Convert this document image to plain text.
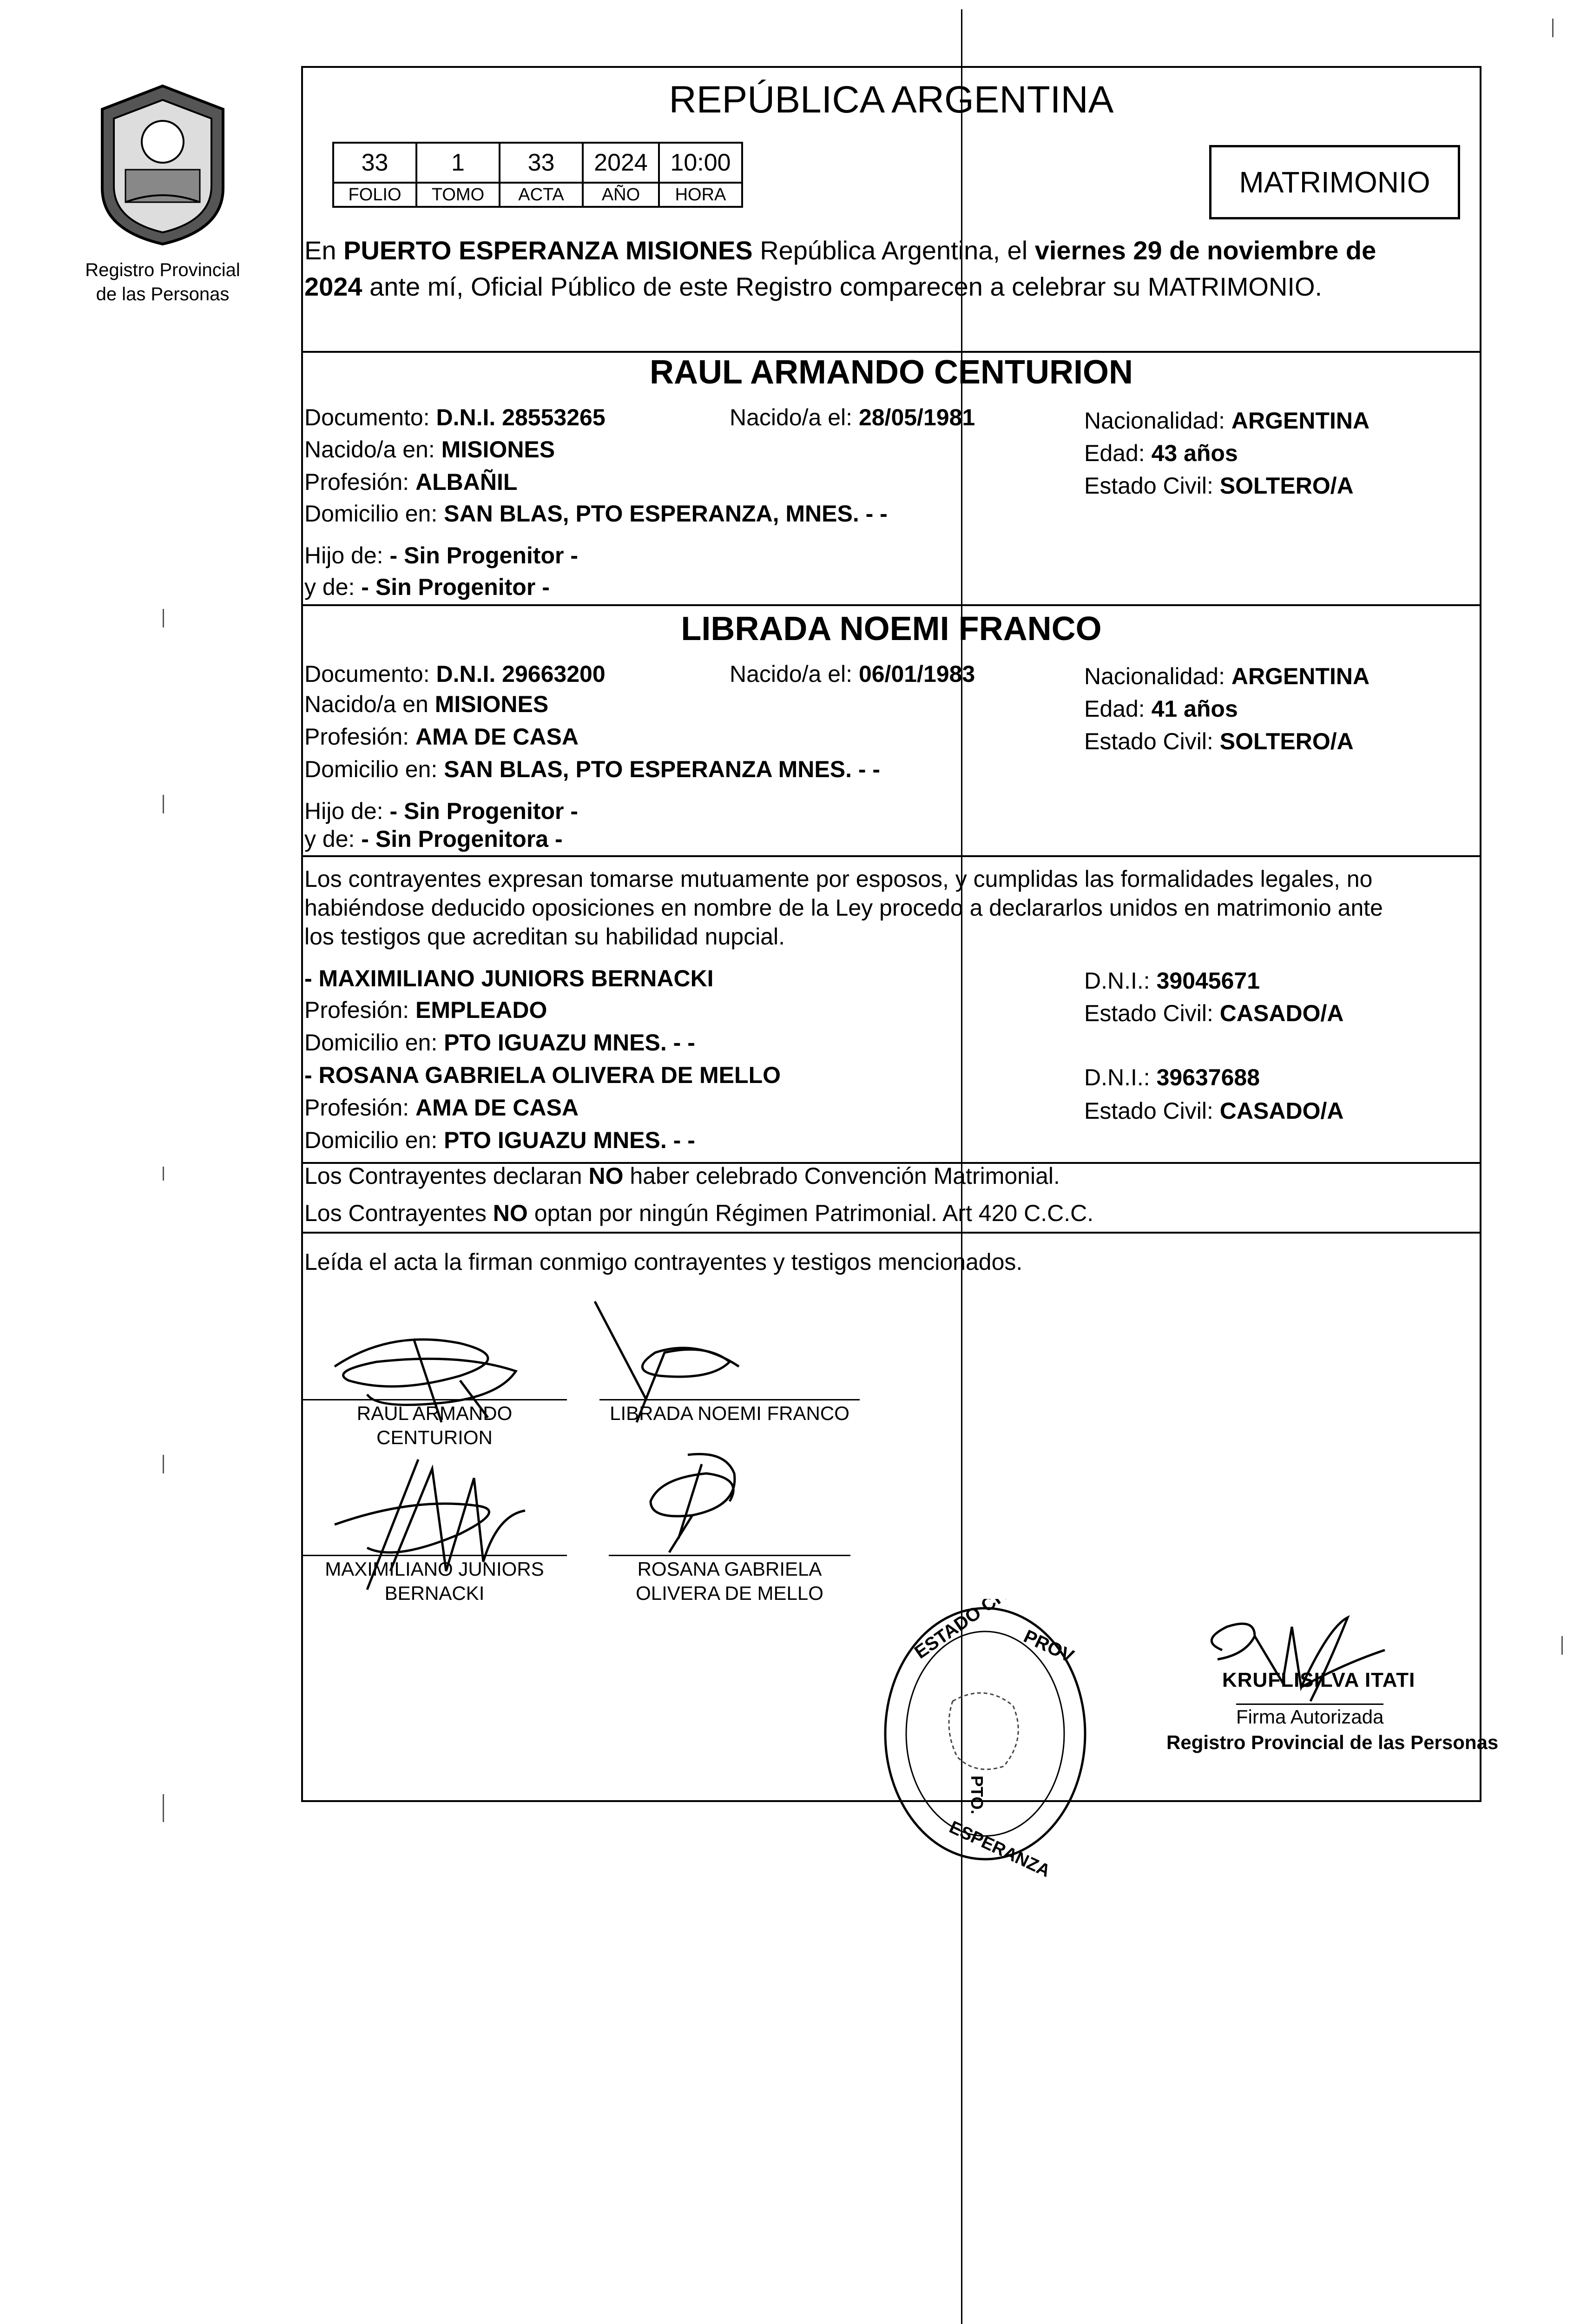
Registro Provincial
de las Personas
REPÚBLICA ARGENTINA
33	1	33	2024	10:00
FOLIO	TOMO	ACTA	AÑO	HORA	MATRIMONIO
En PUERTO ESPERANZA MISIONES República Argentina, el viernes 29 de noviembre de
2024 ante mí, Oficial Público de este Registro comparecen a celebrar su MATRIMONIO.
RAUL ARMANDO CENTURION
Documento: D.N.I. 28553265	Nacido/a el: 28/05/1981	Nacionalidad: ARGENTINA
Nacido/a en: MISIONES	Edad: 43 años
Profesión: ALBAÑIL	Estado Civil: SOLTERO/A
Domicilio en: SAN BLAS, PTO ESPERANZA, MNES. - -
Hijo de: - Sin Progenitor -
y de: - Sin Progenitor -
LIBRADA NOEMI FRANCO
Documento: D.N.I. 29663200	Nacido/a el: 06/01/1983	Nacionalidad: ARGENTINA
Nacido/a en MISIONES	Edad: 41 años
Profesión: AMA DE CASA	Estado Civil: SOLTERO/A
Domicilio en: SAN BLAS, PTO ESPERANZA MNES. - -
Hijo de: - Sin Progenitor -
y de: - Sin Progenitora -
Los contrayentes expresan tomarse mutuamente por esposos, y cumplidas las formalidades legales, no
habiéndose deducido oposiciones en nombre de la Ley procedo a declararlos unidos en matrimonio ante
los testigos que acreditan su habilidad nupcial.
- MAXIMILIANO JUNIORS BERNACKI	D.N.I.: 39045671
Profesión: EMPLEADO	Estado Civil: CASADO/A
Domicilio en: PTO IGUAZU MNES. - -
- ROSANA GABRIELA OLIVERA DE MELLO	D.N.I.: 39637688
Profesión: AMA DE CASA	Estado Civil: CASADO/A
Domicilio en: PTO IGUAZU MNES. - -
Los Contrayentes declaran NO haber celebrado Convención Matrimonial.
Los Contrayentes NO optan por ningún Régimen Patrimonial. Art 420 C.C.C.
Leída el acta la firman conmigo contrayentes y testigos mencionados.
RAUL ARMANDO
CENTURION
LIBRADA NOEMI FRANCO
MAXIMILIANO JUNIORS
BERNACKI
ROSANA GABRIELA
OLIVERA DE MELLO	ESTADO CIVIL
PROV
ESPERANZA
PTO.
KRUFLISILVA ITATI
Firma Autorizada
Registro Provincial de las Personas
